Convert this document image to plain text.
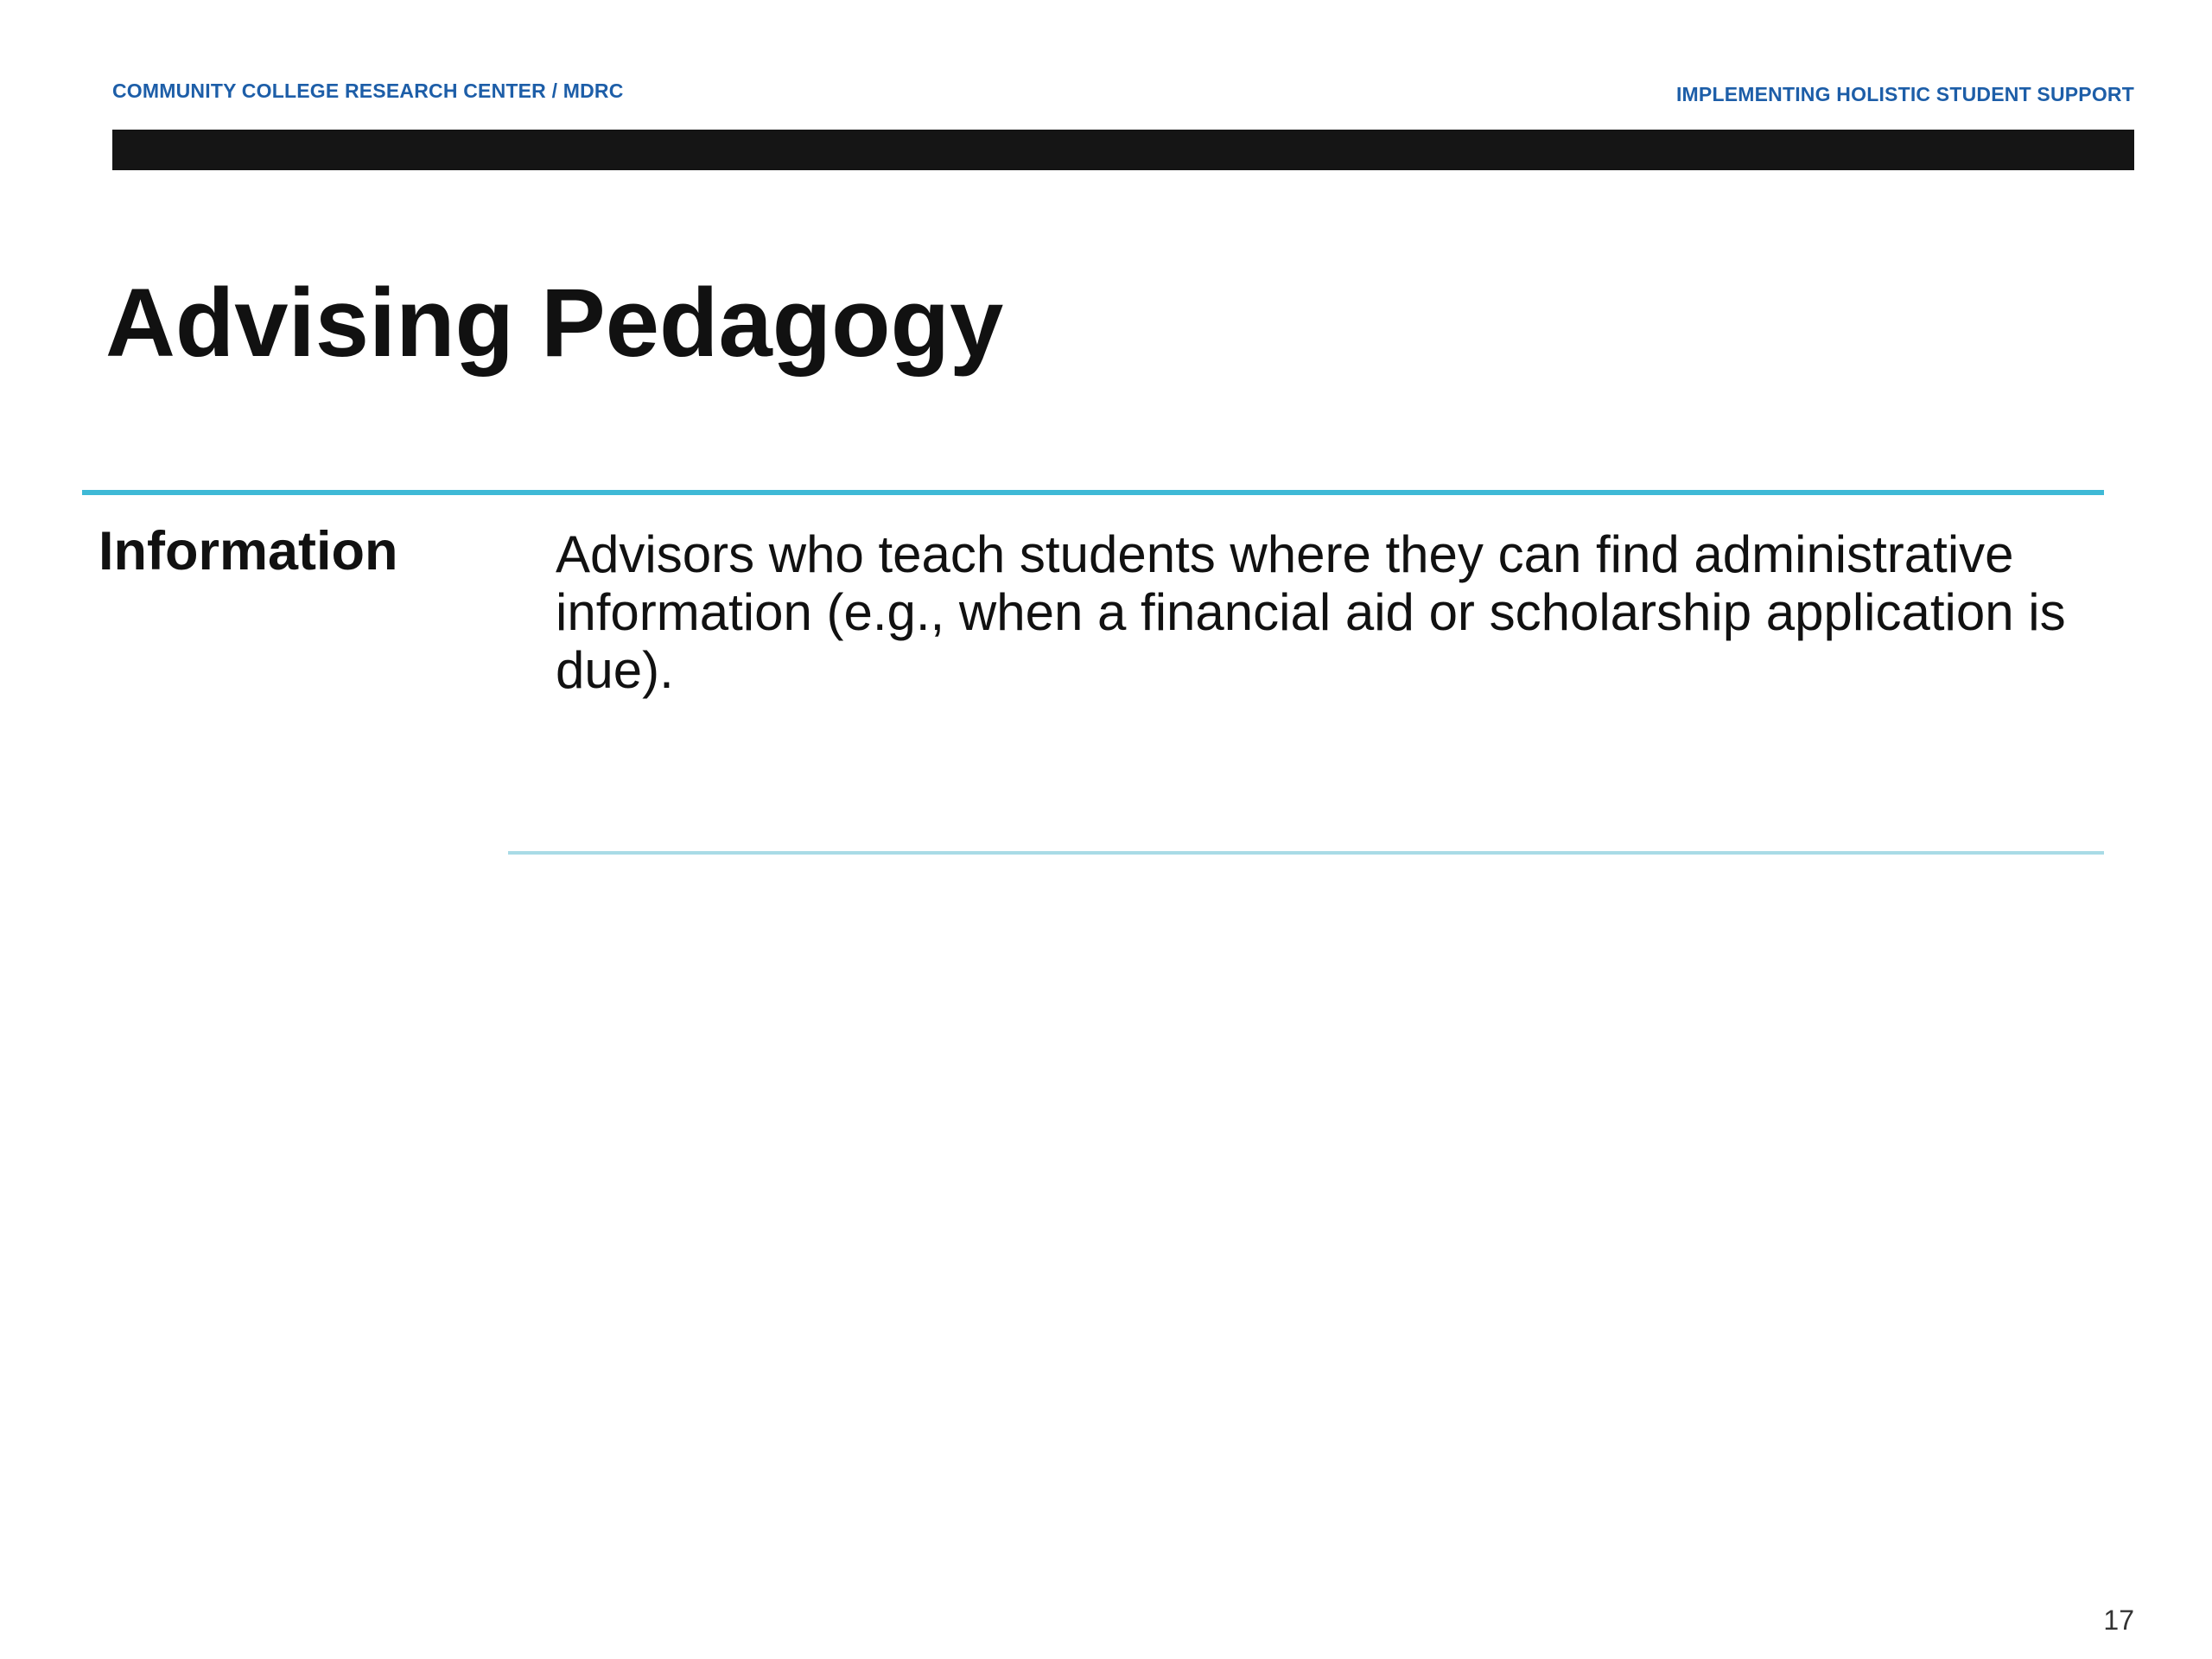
COMMUNITY COLLEGE RESEARCH CENTER / MDRC	IMPLEMENTING HOLISTIC STUDENT SUPPORT
Advising Pedagogy
Information	Advisors who teach students where they can find administrative information (e.g., when a financial aid or scholarship application is due).

17
